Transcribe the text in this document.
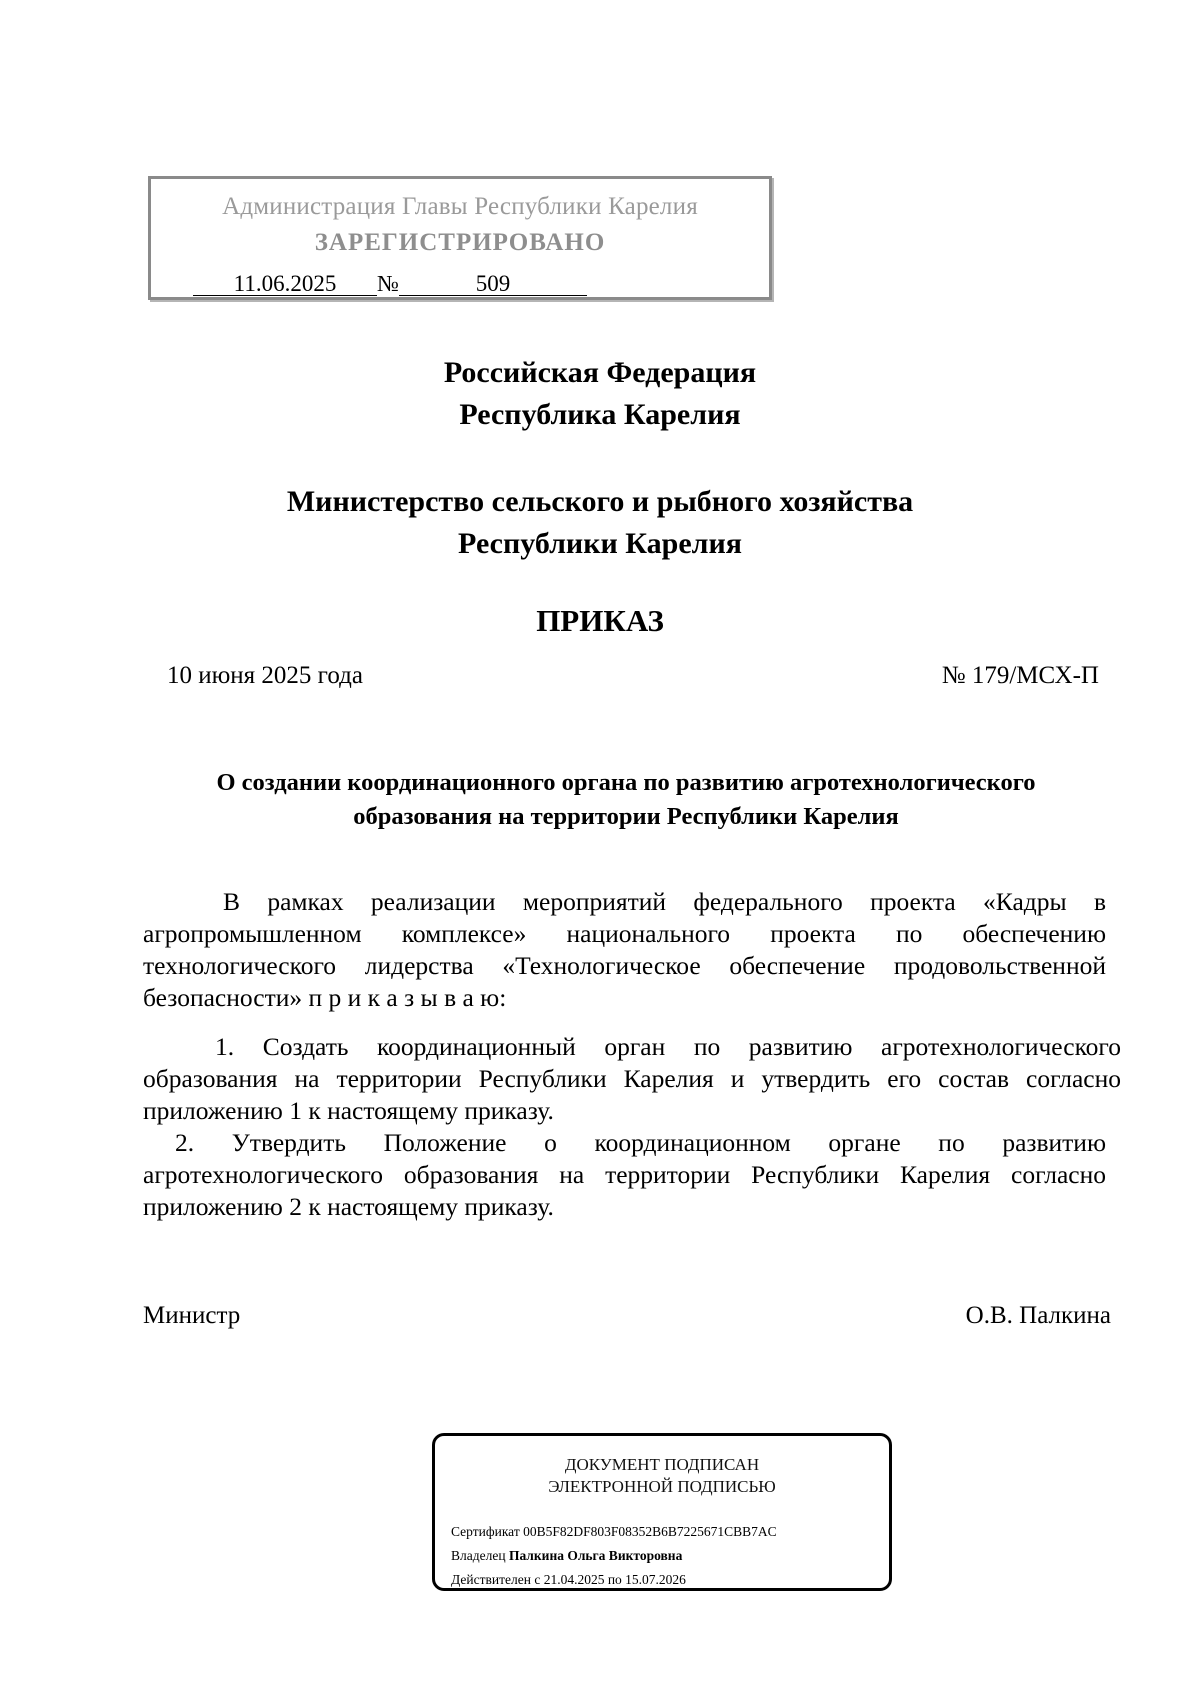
Администрация Главы Республики Карелия
ЗАРЕГИСТРИРОВАНО
11.06.2025 №	509
Российская Федерация
Республика Карелия
Министерство сельского и рыбного хозяйства
Республики Карелия
ПРИКАЗ
10 июня 2025 года	№ 179/МСХ-П
О создании координационного органа по развитию агротехнологического
образования на территории Республики Карелия
В рамках реализации мероприятий федерального проекта «Кадры в агропромышленном комплексе» национального проекта по обеспечению технологического лидерства «Технологическое обеспечение продовольственной безопасности» п р и к а з ы в а ю:
1. Создать координационный орган по развитию агротехнологического образования на территории Республики Карелия и утвердить его состав согласно приложению 1 к настоящему приказу.
2. Утвердить Положение о координационном органе по развитию агротехнологического образования на территории Республики Карелия согласно приложению 2 к настоящему приказу.
Министр	О.В. Палкина
ДОКУМЕНТ ПОДПИСАН
ЭЛЕКТРОННОЙ ПОДПИСЬЮ
Сертификат 00B5F82DF803F08352B6B7225671CBB7AC
Владелец Палкина Ольга Викторовна
Действителен с 21.04.2025 по 15.07.2026
